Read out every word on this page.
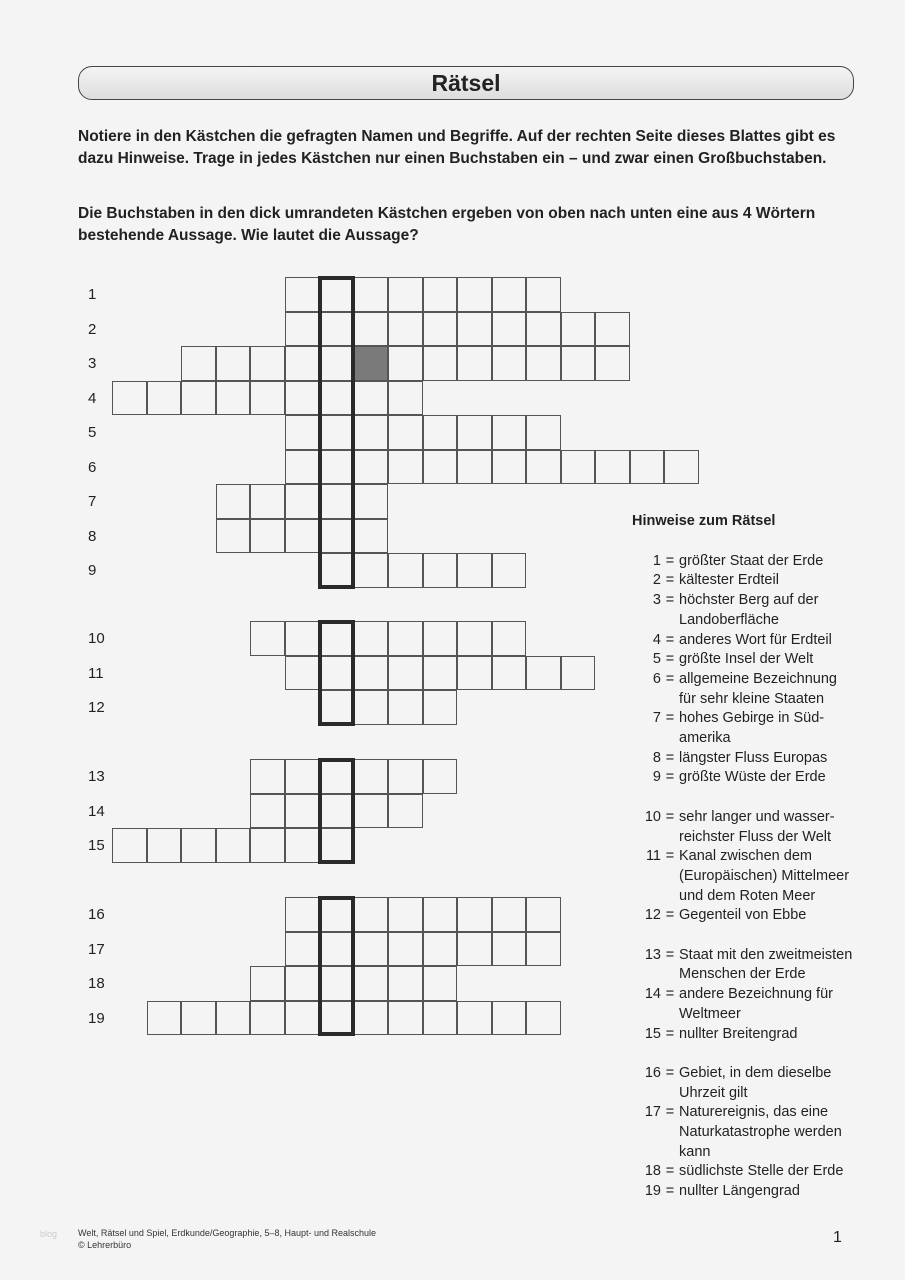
Rätsel
Notiere in den Kästchen die gefragten Namen und Begriffe. Auf der rechten Seite dieses Blattes gibt es dazu Hinweise. Trage in jedes Kästchen nur einen Buchstaben ein – und zwar einen Großbuchstaben.
Die Buchstaben in den dick umrandeten Kästchen ergeben von oben nach unten eine aus 4 Wörtern bestehende Aussage. Wie lautet die Aussage?
1
2
3
4
5
6
7
8
9
10
11
12
13
14
15
16
17
18
19
Hinweise zum Rätsel
1 = größter Staat der Erde
2 = kältester Erdteil
3 = höchster Berg auf der
Landoberfläche
4 = anderes Wort für Erdteil
5 = größte Insel der Welt
6 = allgemeine Bezeichnung
für sehr kleine Staaten
7 = hohes Gebirge in Süd-
amerika
8 = längster Fluss Europas
9 = größte Wüste der Erde
10 = sehr langer und wasser-
reichster Fluss der Welt
11 = Kanal zwischen dem
(Europäischen) Mittelmeer
und dem Roten Meer
12 = Gegenteil von Ebbe
13 = Staat mit den zweitmeisten
Menschen der Erde
14 = andere Bezeichnung für
Weltmeer
15 = nullter Breitengrad
16 = Gebiet, in dem dieselbe
Uhrzeit gilt
17 = Naturereignis, das eine
Naturkatastrophe werden
kann
18 = südlichste Stelle der Erde
19 = nullter Längengrad
blog Welt, Rätsel und Spiel, Erdkunde/Geographie, 5–8, Haupt- und Realschule
© Lehrerbüro	1
